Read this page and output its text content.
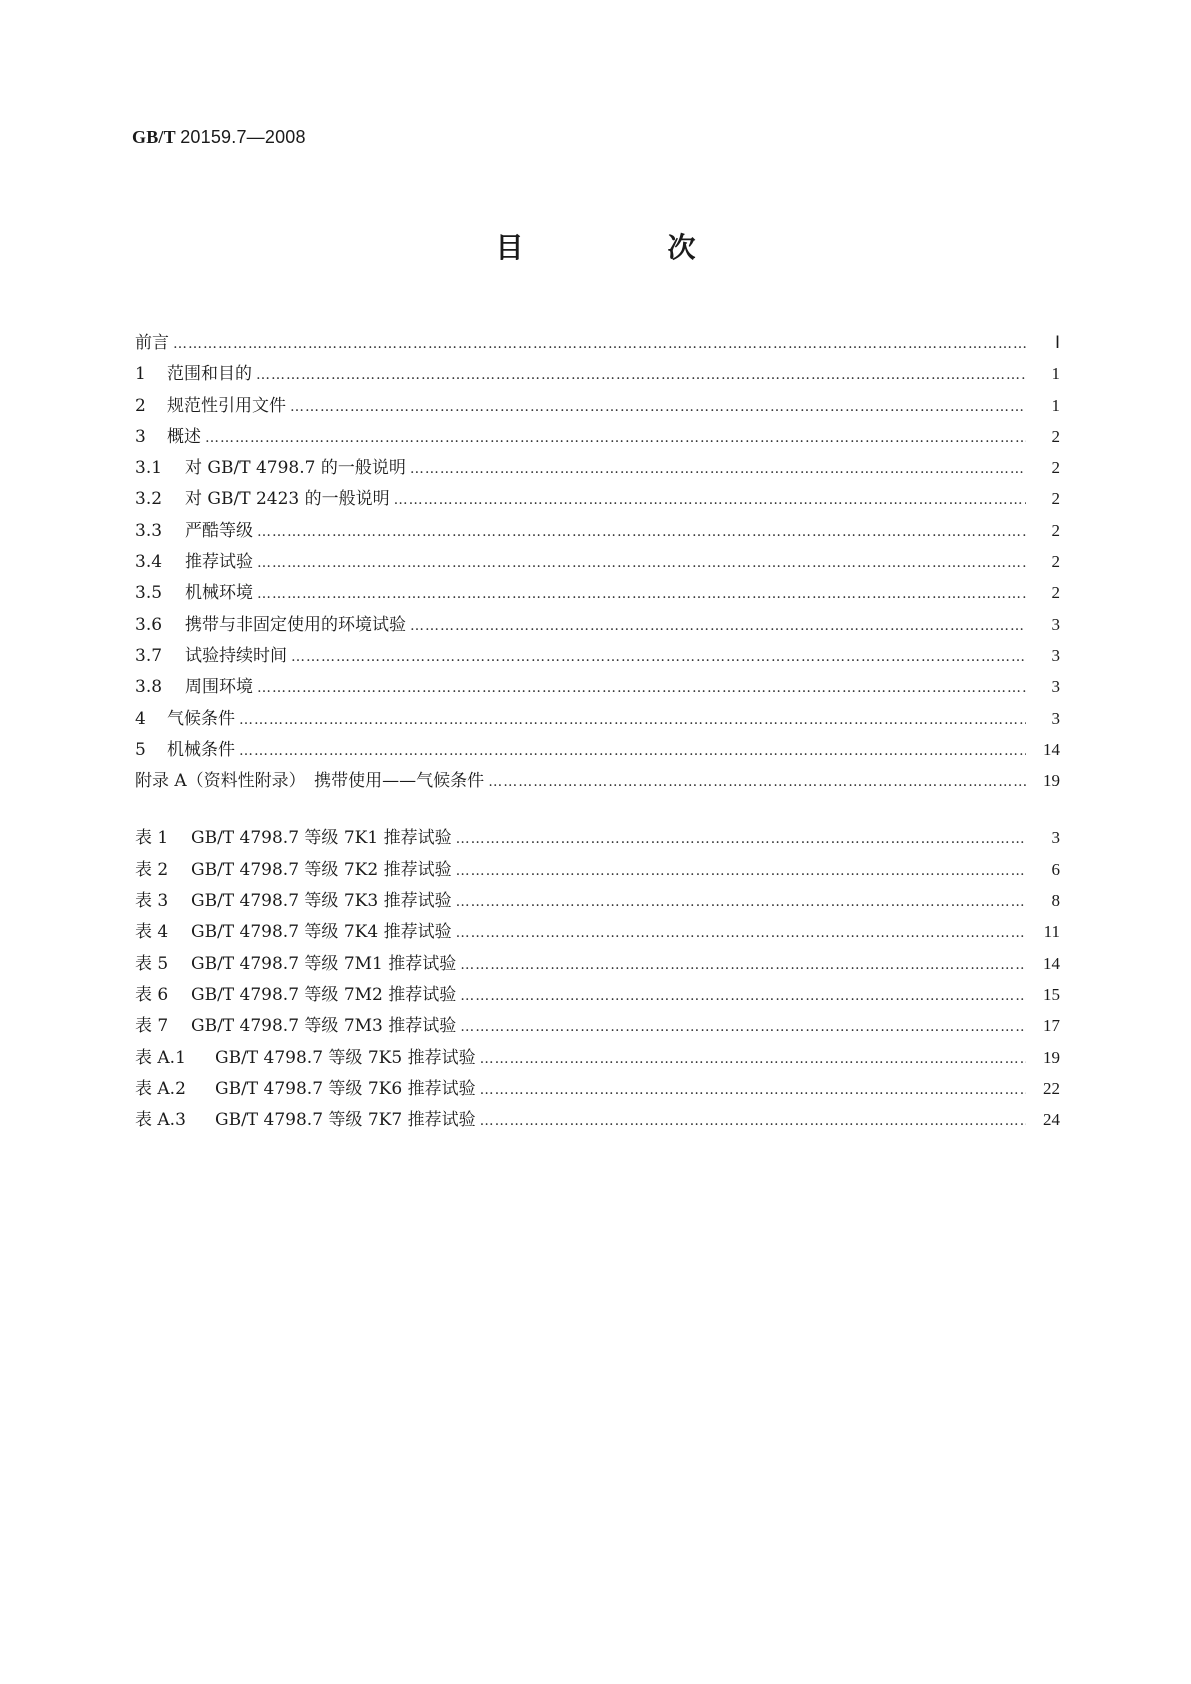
GB/T 20159.7—2008
目　次
前言 ……………………………………………………………………………………………………………………………………………………………………………………………………	Ⅰ
1	范围和目的 ……………………………………………………………………………………………………………………………………………………………………………………………………	1
2	规范性引用文件 ……………………………………………………………………………………………………………………………………………………………………………………………………	1
3	概述 ……………………………………………………………………………………………………………………………………………………………………………………………………	2
3.1	对 GB/T 4798.7 的一般说明 ……………………………………………………………………………………………………………………………………………………………………………………………………	2
3.2	对 GB/T 2423 的一般说明 ……………………………………………………………………………………………………………………………………………………………………………………………………	2
3.3	严酷等级 ……………………………………………………………………………………………………………………………………………………………………………………………………	2
3.4	推荐试验 ……………………………………………………………………………………………………………………………………………………………………………………………………	2
3.5	机械环境 ……………………………………………………………………………………………………………………………………………………………………………………………………	2
3.6	携带与非固定使用的环境试验 ……………………………………………………………………………………………………………………………………………………………………………………………………	3
3.7	试验持续时间 ……………………………………………………………………………………………………………………………………………………………………………………………………	3
3.8	周围环境 ……………………………………………………………………………………………………………………………………………………………………………………………………	3
4	气候条件 ……………………………………………………………………………………………………………………………………………………………………………………………………	3
5	机械条件 ……………………………………………………………………………………………………………………………………………………………………………………………………	14
附录 A（资料性附录）　携带使用——气候条件 ……………………………………………………………………………………………………………………………………………………………………………………………………	19
表 1	GB/T 4798.7 等级 7K1 推荐试验 ……………………………………………………………………………………………………………………………………………………………………………………………………	3
表 2	GB/T 4798.7 等级 7K2 推荐试验 ……………………………………………………………………………………………………………………………………………………………………………………………………	6
表 3	GB/T 4798.7 等级 7K3 推荐试验 ……………………………………………………………………………………………………………………………………………………………………………………………………	8
表 4	GB/T 4798.7 等级 7K4 推荐试验 ……………………………………………………………………………………………………………………………………………………………………………………………………	11
表 5	GB/T 4798.7 等级 7M1 推荐试验 ……………………………………………………………………………………………………………………………………………………………………………………………………	14
表 6	GB/T 4798.7 等级 7M2 推荐试验 ……………………………………………………………………………………………………………………………………………………………………………………………………	15
表 7	GB/T 4798.7 等级 7M3 推荐试验 ……………………………………………………………………………………………………………………………………………………………………………………………………	17
表 A.1	GB/T 4798.7 等级 7K5 推荐试验 ……………………………………………………………………………………………………………………………………………………………………………………………………	19
表 A.2	GB/T 4798.7 等级 7K6 推荐试验 ……………………………………………………………………………………………………………………………………………………………………………………………………	22
表 A.3	GB/T 4798.7 等级 7K7 推荐试验 ……………………………………………………………………………………………………………………………………………………………………………………………………	24
